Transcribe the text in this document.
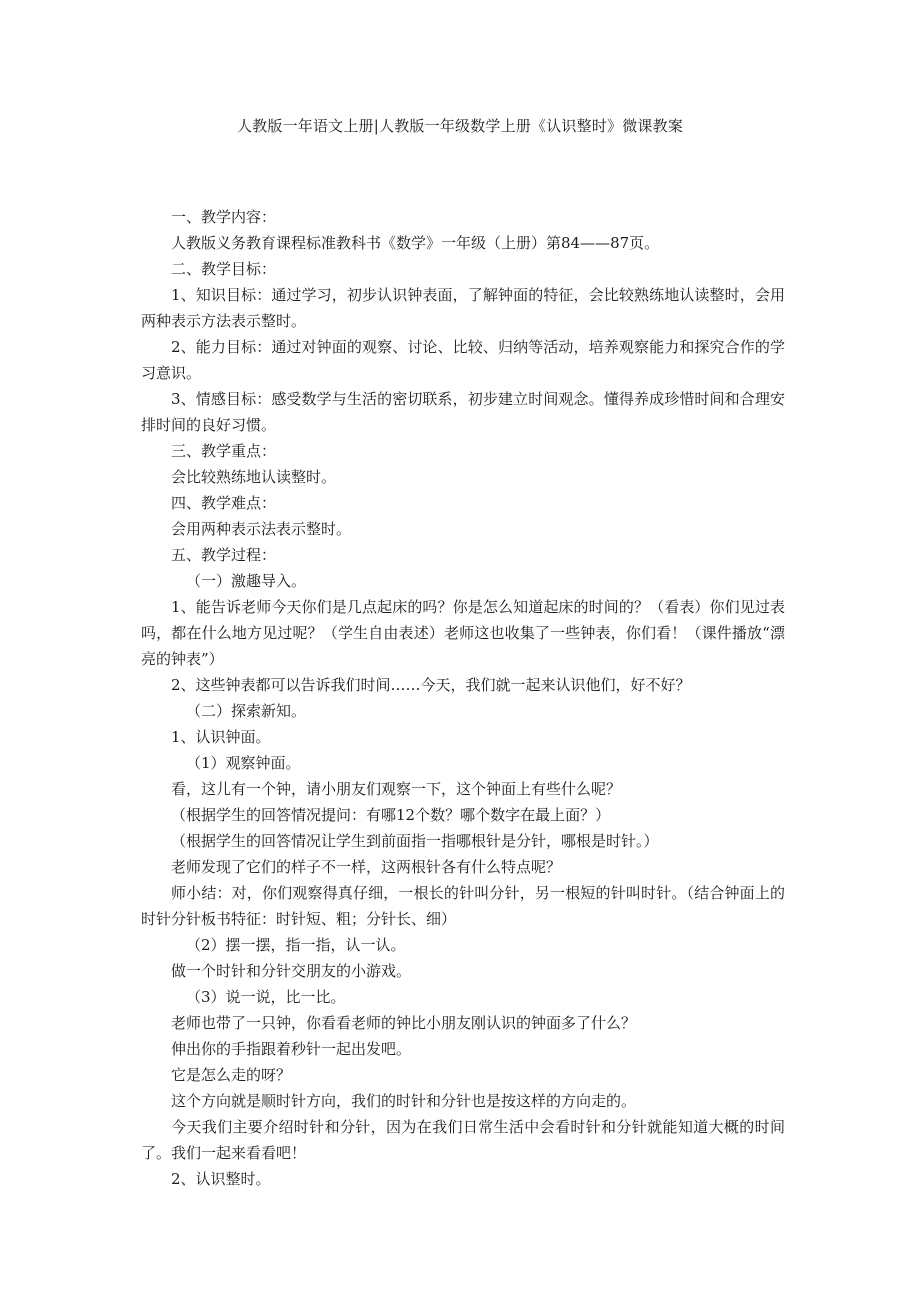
人教版一年语文上册|人教版一年级数学上册《认识整时》微课教案

一、教学内容：

人教版义务教育课程标准教科书《数学》一年级（上册）第84——87页。

二、教学目标：

1、知识目标：通过学习，初步认识钟表面，了解钟面的特征，会比较熟练地认读整时，会用两种表示方法表示整时。

2、能力目标：通过对钟面的观察、讨论、比较、归纳等活动，培养观察能力和探究合作的学习意识。

3、情感目标：感受数学与生活的密切联系，初步建立时间观念。懂得养成珍惜时间和合理安排时间的良好习惯。

三、教学重点：

会比较熟练地认读整时。

四、教学难点：

会用两种表示法表示整时。

五、教学过程：

（一）激趣导入。

1、能告诉老师今天你们是几点起床的吗？你是怎么知道起床的时间的？（看表）你们见过表吗，都在什么地方见过呢？（学生自由表述）老师这也收集了一些钟表，你们看！（课件播放“漂亮的钟表”）

2、这些钟表都可以告诉我们时间……今天，我们就一起来认识他们，好不好？

（二）探索新知。

1、认识钟面。

（1）观察钟面。

看，这儿有一个钟，请小朋友们观察一下，这个钟面上有些什么呢？

（根据学生的回答情况提问：有哪12个数？哪个数字在最上面？）

（根据学生的回答情况让学生到前面指一指哪根针是分针，哪根是时针。）

老师发现了它们的样子不一样，这两根针各有什么特点呢？

师小结：对，你们观察得真仔细，一根长的针叫分针，另一根短的针叫时针。（结合钟面上的时针分针板书特征：时针短、粗；分针长、细）

（2）摆一摆，指一指，认一认。

做一个时针和分针交朋友的小游戏。

（3）说一说，比一比。

老师也带了一只钟，你看看老师的钟比小朋友刚认识的钟面多了什么？

伸出你的手指跟着秒针一起出发吧。

它是怎么走的呀？

这个方向就是顺时针方向，我们的时针和分针也是按这样的方向走的。

今天我们主要介绍时针和分针，因为在我们日常生活中会看时针和分针就能知道大概的时间了。我们一起来看看吧！

2、认识整时。
